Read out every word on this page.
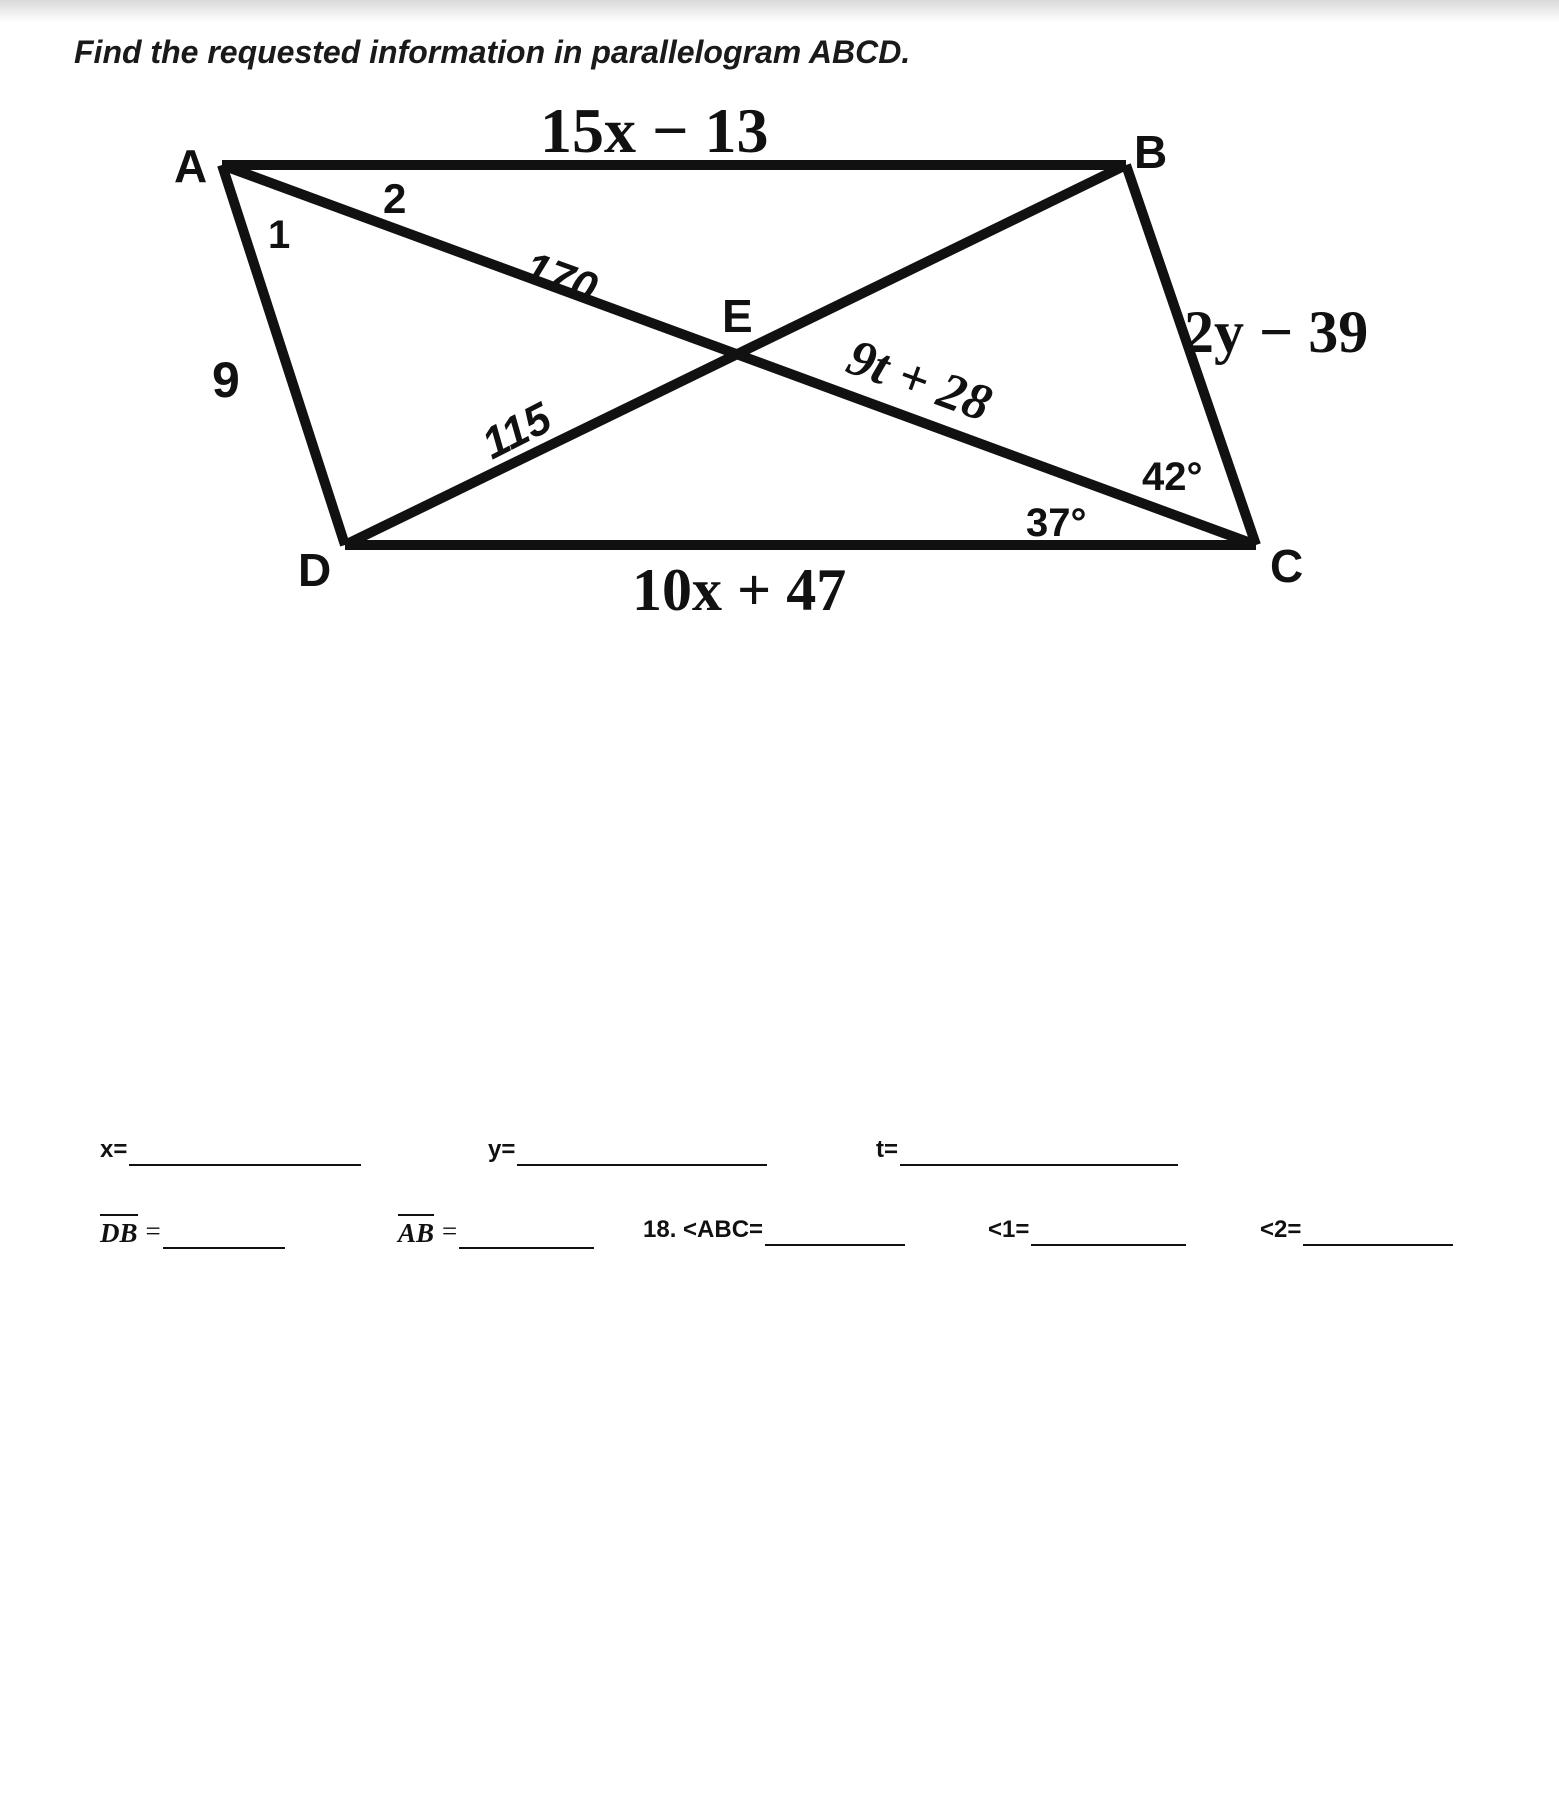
Find the requested information in parallelogram ABCD.
A	B
C
D
E
15x − 13
10x + 47
9
2y − 39
170
115	9t + 28
1
2
42°
37°
x=	y=	t=
DB =	AB =	18. <ABC=	<1=	<2=
